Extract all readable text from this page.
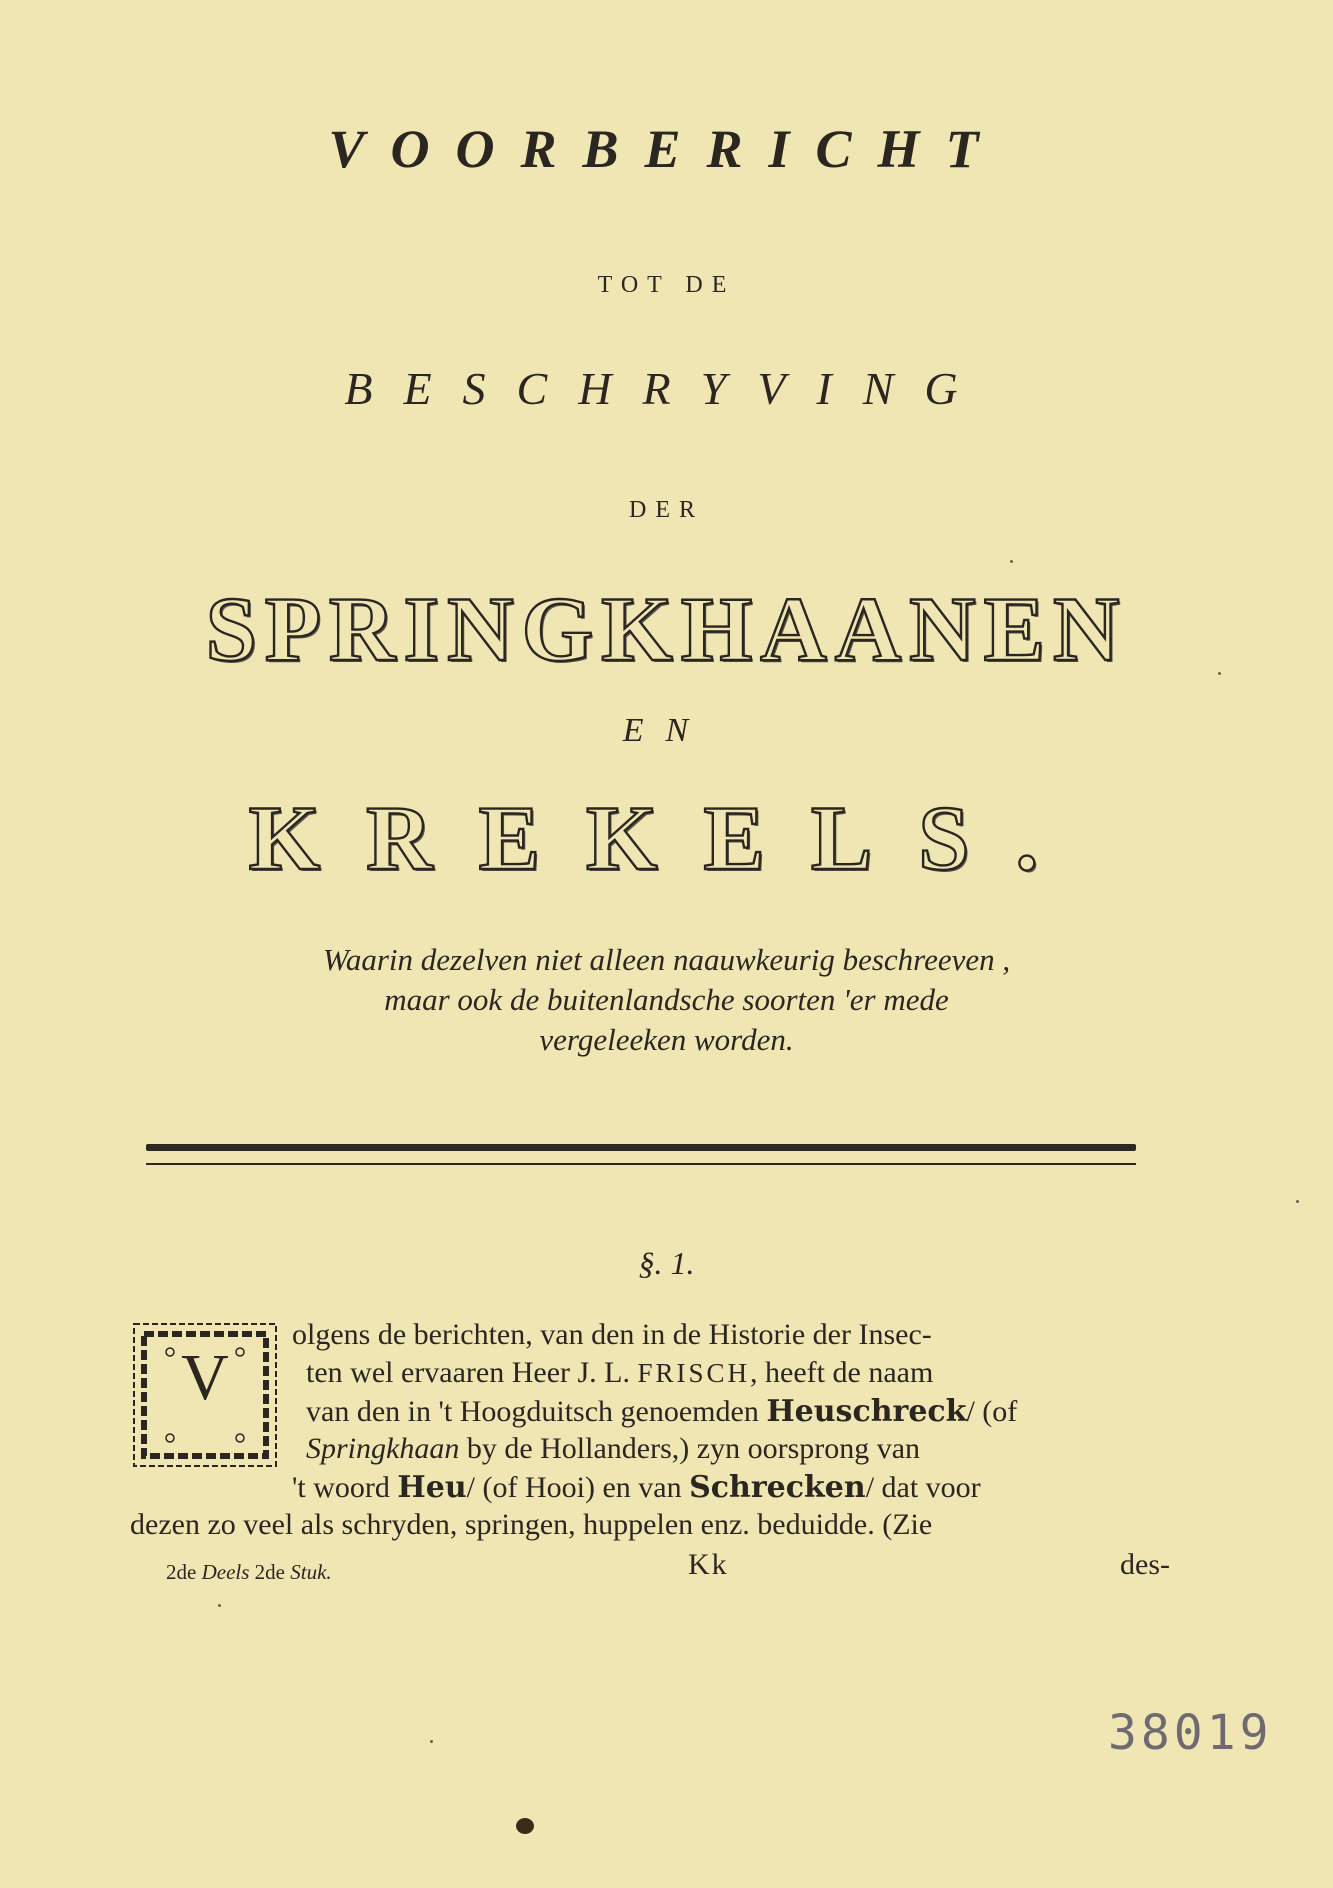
VOORBERICHT
TOT DE
BESCHRYVING
DER
SPRINGKHAANEN
EN
KREKELS.
Waarin dezelven niet alleen naauwkeurig beschreeven ,
maar ook de buitenlandsche soorten 'er mede
vergeleeken worden.
§. 1.
V
olgens de berichten, van den in de Historie der Insec-
ten wel ervaaren Heer J. L. FRISCH, heeft de naam
van den in 't Hoogduitsch genoemden Heuschreck/ (of
Springkhaan by de Hollanders,) zyn oorsprong van
't woord Heu/ (of Hooi) en van Schrecken/ dat voor
dezen zo veel als schryden, springen, huppelen enz. beduidde. (Zie
2de Deels 2de Stuk.	Kk	des-
38019
